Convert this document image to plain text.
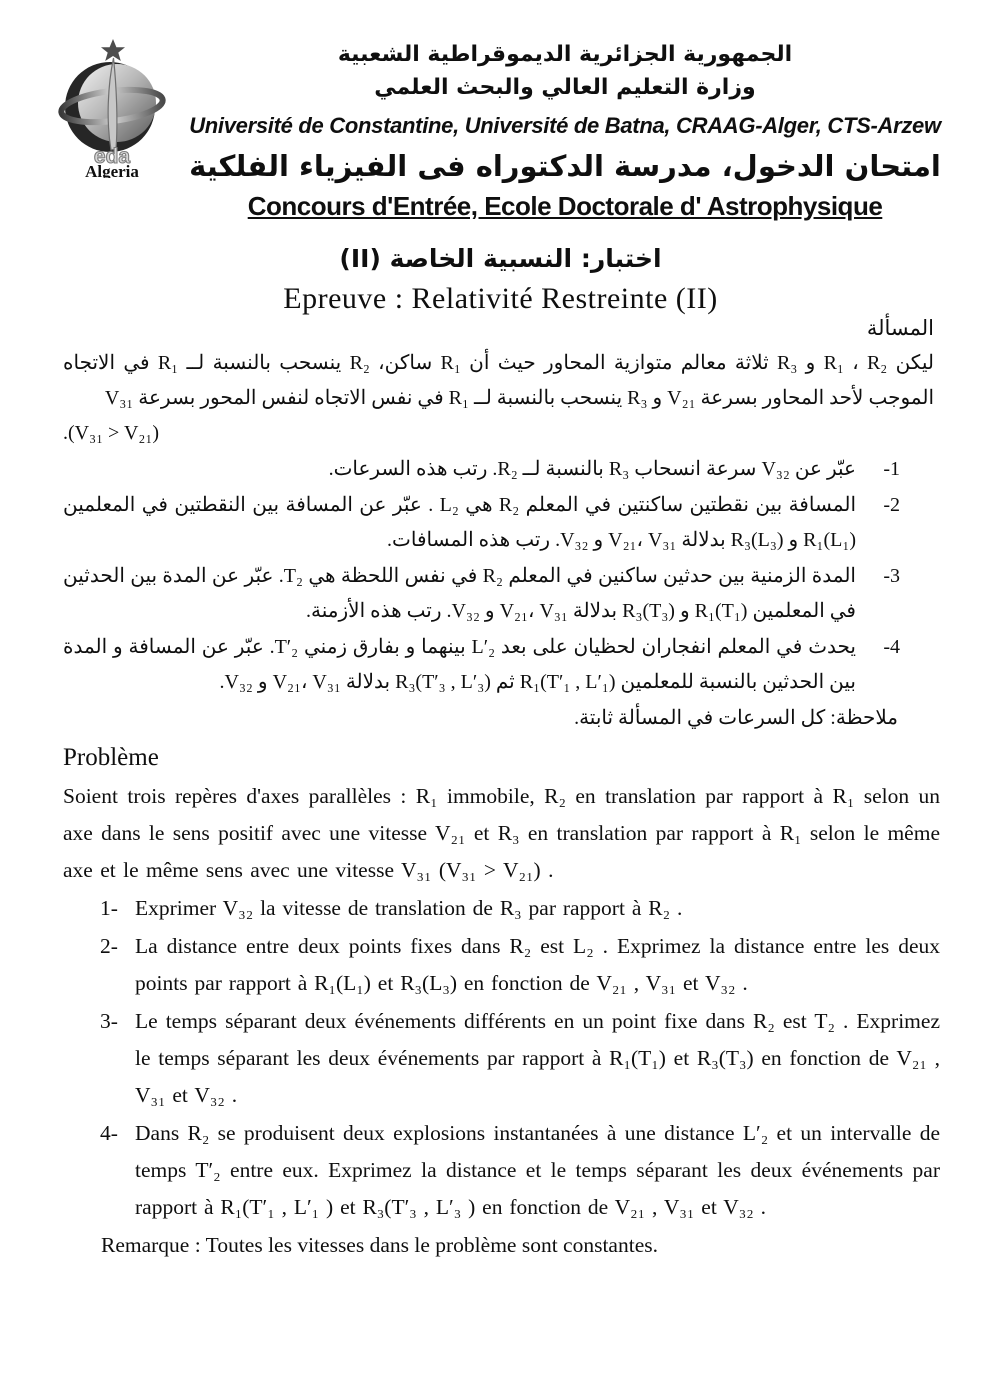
eda
Algeria
الجمهورية الجزائرية الديموقراطية الشعبية
وزارة التعليم العالي والبحث العلمي
Université de Constantine, Université de Batna, CRAAG-Alger, CTS-Arzew
امتحان الدخول، مدرسة الدكتوراه فى الفيزياء الفلكية
Concours d'Entrée, Ecole Doctorale d' Astrophysique
اختبار: النسبية الخاصة (II)
Epreuve : Relativité Restreinte (II)
المسألة
ليكن R₁ ، R₂ و R₃ ثلاثة معالم متوازية المحاور حيث أن R₁ ساكن، R₂ ينسحب بالنسبة لــ R₁ في الاتجاه الموجب لأحد المحاور بسرعة V₂₁ و R₃ ينسحب بالنسبة لــ R₁ في نفس الاتجاه لنفس المحور بسرعة V₃₁
.(V₃₁ > V₂₁)
1-
عبّر عن V₃₂ سرعة انسحاب R₃ بالنسبة لــ R₂. رتب هذه السرعات.
2-
المسافة بين نقطتين ساكنتين في المعلم R₂ هي L₂ . عبّر عن المسافة بين النقطتين في المعلمين R₁(L₁) و R₃(L₃) بدلالة V₂₁، V₃₁ و V₃₂. رتب هذه المسافات.
3-
المدة الزمنية بين حدثين ساكنين في المعلم R₂ في نفس اللحظة هي T₂. عبّر عن المدة بين الحدثين في المعلمين R₁(T₁) و R₃(T₃) بدلالة V₂₁، V₃₁ و V₃₂. رتب هذه الأزمنة.
4-
يحدث في المعلم انفجاران لحظيان على بعد L′₂ بينهما و بفارق زمني T′₂. عبّر عن المسافة و المدة بين الحدثين بالنسبة للمعلمين R₁(T′₁ , L′₁) ثم R₃(T′₃ , L′₃) بدلالة V₂₁، V₃₁ و V₃₂.
ملاحظة: كل السرعات في المسألة ثابتة.
Problème
Soient trois repères d'axes parallèles : R₁ immobile, R₂ en translation par rapport à R₁ selon un axe dans le sens positif avec une vitesse V₂₁ et R₃ en translation par rapport à R₁ selon le même axe et le même sens avec une vitesse V₃₁ (V₃₁ > V₂₁) .
1- Exprimer V₃₂ la vitesse de translation de R₃ par rapport à R₂ .
2- La distance entre deux points fixes dans R₂ est L₂ . Exprimez la distance entre les deux points par rapport à R₁(L₁) et R₃(L₃) en fonction de V₂₁ , V₃₁ et V₃₂ .
3- Le temps séparant deux événements différents en un point fixe dans R₂ est T₂ . Exprimez le temps séparant les deux événements par rapport à R₁(T₁) et R₃(T₃) en fonction de V₂₁ , V₃₁ et V₃₂ .
4- Dans R₂ se produisent deux explosions instantanées à une distance L′₂ et un intervalle de temps T′₂ entre eux. Exprimez la distance et le temps séparant les deux événements par rapport à R₁(T′₁ , L′₁ ) et R₃(T′₃ , L′₃ ) en fonction de V₂₁ , V₃₁ et V₃₂ .
Remarque : Toutes les vitesses dans le problème sont constantes.
